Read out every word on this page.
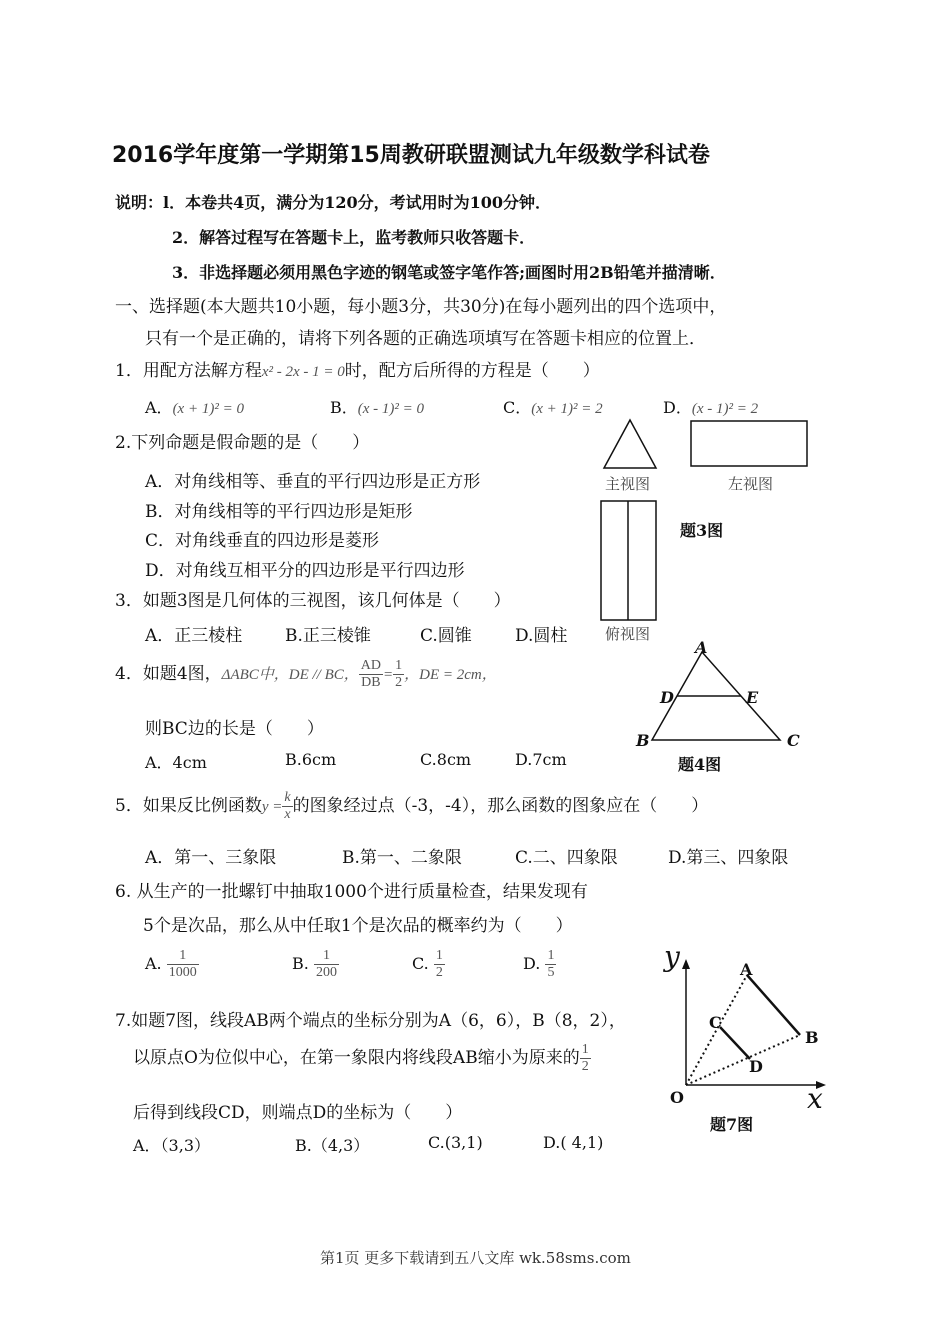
2016学年度第一学期第15周教研联盟测试九年级数学科试卷
说明：l．本卷共4页，满分为120分，考试用时为100分钟．
2．解答过程写在答题卡上，监考教师只收答题卡．
3．非选择题必须用黑色字迹的钢笔或签字笔作答;画图时用2B铅笔并描清晰．
一、选择题(本大题共10小题，每小题3分，共30分)在每小题列出的四个选项中，
只有一个是正确的，请将下列各题的正确选项填写在答题卡相应的位置上．
1．用配方法解方程x² - 2x - 1 = 0时，配方后所得的方程是（　　）
A．(x + 1)² = 0	B．(x - 1)² = 0	C．(x + 1)² = 2	D．(x - 1)² = 2
2.下列命题是假命题的是（　　）
A．对角线相等、垂直的平行四边形是正方形
B．对角线相等的平行四边形是矩形
C．对角线垂直的四边形是菱形
D．对角线互相平分的四边形是平行四边形
3．如题3图是几何体的三视图，该几何体是（　　）
A．正三棱柱	B.正三棱锥	C.圆锥	D.圆柱
主视图	左视图
俯视图
题3图
4．如题4图，ΔABC中，DE // BC， $\frac{AD}{DB} = \frac{1}{2}$ ，DE = 2cm，
则BC边的长是（　　）
A．4cm	B.6cm	C.8cm	D.7cm
A
D	E
B	C
题4图
5．如果反比例函数$y = \frac{k}{x}$ 的图象经过点（-3，-4），那么函数的图象应在（　　）
A．第一、三象限	B.第一、二象限	C.二、四象限	D.第三、四象限
6. 从生产的一批螺钉中抽取1000个进行质量检查，结果发现有
5个是次品，那么从中任取1个是次品的概率约为（　　）
A. $\frac{1}{1000}$	B. $\frac{1}{200}$	C. $\frac{1}{2}$	D. $\frac{1}{5}$
7.如题7图，线段AB两个端点的坐标分别为A（6，6），B（8，2），
以原点O为位似中心，在第一象限内将线段AB缩小为原来的 $\frac{1}{2}$
后得到线段CD，则端点D的坐标为（　　）
A．（3,3）	B.（4,3）	C.(3,1)	D.( 4,1)
y
x
O
A
B
C
D
题7图
第1页 更多下载请到五八文库 wk.58sms.com
